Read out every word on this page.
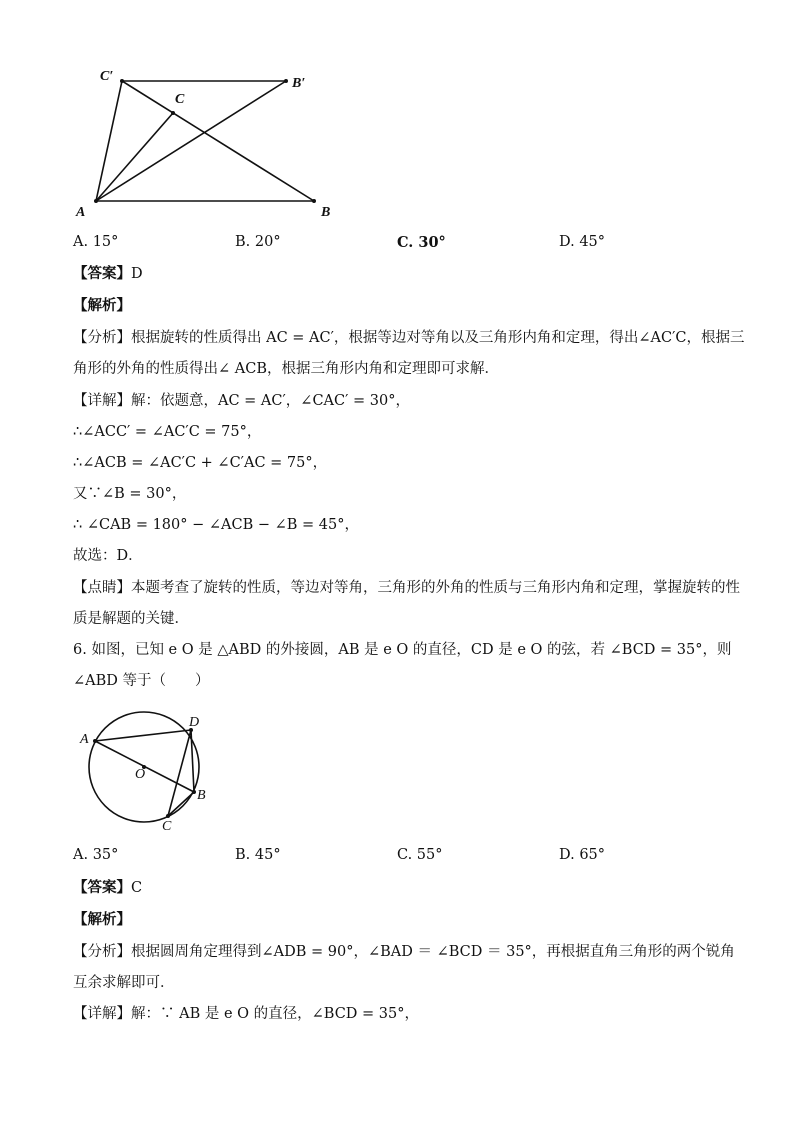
C′	B′
C
A	B
A. 15°	B. 20°	C. 30°	D. 45°
【答案】D
【解析】
【分析】根据旋转的性质得出 AC = AC′，根据等边对等角以及三角形内角和定理，得出∠AC′C，根据三
角形的外角的性质得出∠ ACB，根据三角形内角和定理即可求解．
【详解】解：依题意，AC = AC′，∠CAC′ = 30°，
∴∠ACC′ = ∠AC′C = 75°，
∴∠ACB = ∠AC′C + ∠C′AC = 75°，
又∵∠B = 30°，
∴ ∠CAB = 180° − ∠ACB − ∠B = 45°，
故选：D．
【点睛】本题考查了旋转的性质，等边对等角，三角形的外角的性质与三角形内角和定理，掌握旋转的性
质是解题的关键．
6. 如图，已知 e O 是 △ABD 的外接圆，AB 是 e O 的直径，CD 是 e O 的弦，若 ∠BCD = 35°，则
∠ABD 等于（　　）
A
D
O
B
C
A. 35°	B. 45°	C. 55°	D. 65°
【答案】C
【解析】
【分析】根据圆周角定理得到∠ADB = 90°，∠BAD ＝ ∠BCD ＝ 35°，再根据直角三角形的两个锐角
互余求解即可．
【详解】解：∵ AB 是 e O 的直径，∠BCD = 35°，
